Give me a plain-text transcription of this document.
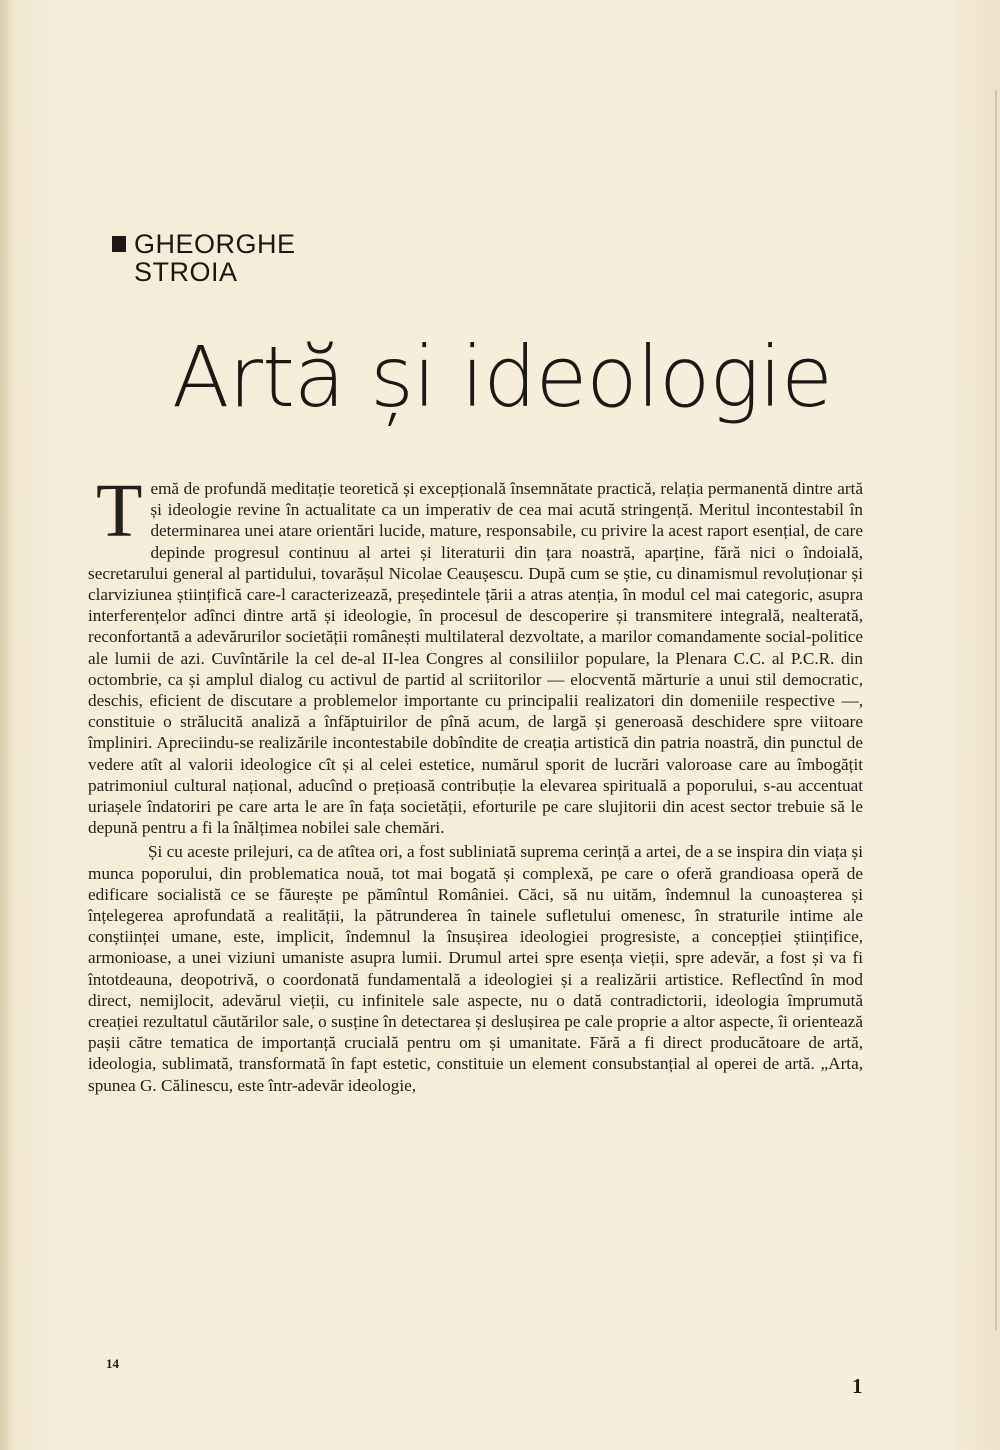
GHEORGHE
STROIA
Artă și ideologie

Temă de profundă meditație teoretică și excepțională însemnătate practică, relația permanentă dintre artă și ideologie revine în actualitate ca un imperativ de cea mai acută stringență. Meritul incontestabil în determinarea unei atare orientări lucide, mature, responsabile, cu privire la acest raport esențial, de care depinde progresul continuu al artei și literaturii din țara noastră, aparține, fără nici o îndoială, secretarului general al partidului, tovarășul Nicolae Ceaușescu. După cum se știe, cu dinamismul revoluționar și clarviziunea științifică care-l caracterizează, președintele țării a atras atenția, în modul cel mai categoric, asupra interferențelor adînci dintre artă și ideologie, în procesul de descoperire și transmitere integrală, nealterată, reconfortantă a adevărurilor societății românești multilateral dezvoltate, a marilor comandamente social-politice ale lumii de azi. Cuvîntările la cel de-al II-lea Congres al consiliilor populare, la Plenara C.C. al P.C.R. din octombrie, ca și amplul dialog cu activul de partid al scriitorilor — elocventă mărturie a unui stil democratic, deschis, eficient de discutare a problemelor importante cu principalii realizatori din domeniile respective —, constituie o strălucită analiză a înfăptuirilor de pînă acum, de largă și generoasă deschidere spre viitoare împliniri. Apreciindu-se realizările incontestabile dobîndite de creația artistică din patria noastră, din punctul de vedere atît al valorii ideologice cît și al celei estetice, numărul sporit de lucrări valoroase care au îmbogățit patrimoniul cultural național, aducînd o prețioasă contribuție la elevarea spirituală a poporului, s-au accentuat uriașele îndatoriri pe care arta le are în fața societății, eforturile pe care slujitorii din acest sector trebuie să le depună pentru a fi la înălțimea nobilei sale chemări.

Și cu aceste prilejuri, ca de atîtea ori, a fost subliniată suprema cerință a artei, de a se inspira din viața și munca poporului, din problematica nouă, tot mai bogată și complexă, pe care o oferă grandioasa operă de edificare socialistă ce se făurește pe pămîntul României. Căci, să nu uităm, îndemnul la cunoașterea și înțelegerea aprofundată a realității, la pătrunderea în tainele sufletului omenesc, în straturile intime ale conștiinței umane, este, implicit, îndemnul la însușirea ideologiei progresiste, a concepției științifice, armonioase, a unei viziuni umaniste asupra lumii. Drumul artei spre esența vieții, spre adevăr, a fost și va fi întotdeauna, deopotrivă, o coordonată fundamentală a ideologiei și a realizării artistice. Reflectînd în mod direct, nemijlocit, adevărul vieții, cu infinitele sale aspecte, nu o dată contradictorii, ideologia împrumută creației rezultatul căutărilor sale, o susține în detectarea și deslușirea pe cale proprie a altor aspecte, îi orientează pașii către tematica de importanță crucială pentru om și umanitate. Fără a fi direct producătoare de artă, ideologia, sublimată, transformată în fapt estetic, constituie un element consubstanțial al operei de artă. „Arta, spunea G. Călinescu, este într-adevăr ideologie,

14
1
